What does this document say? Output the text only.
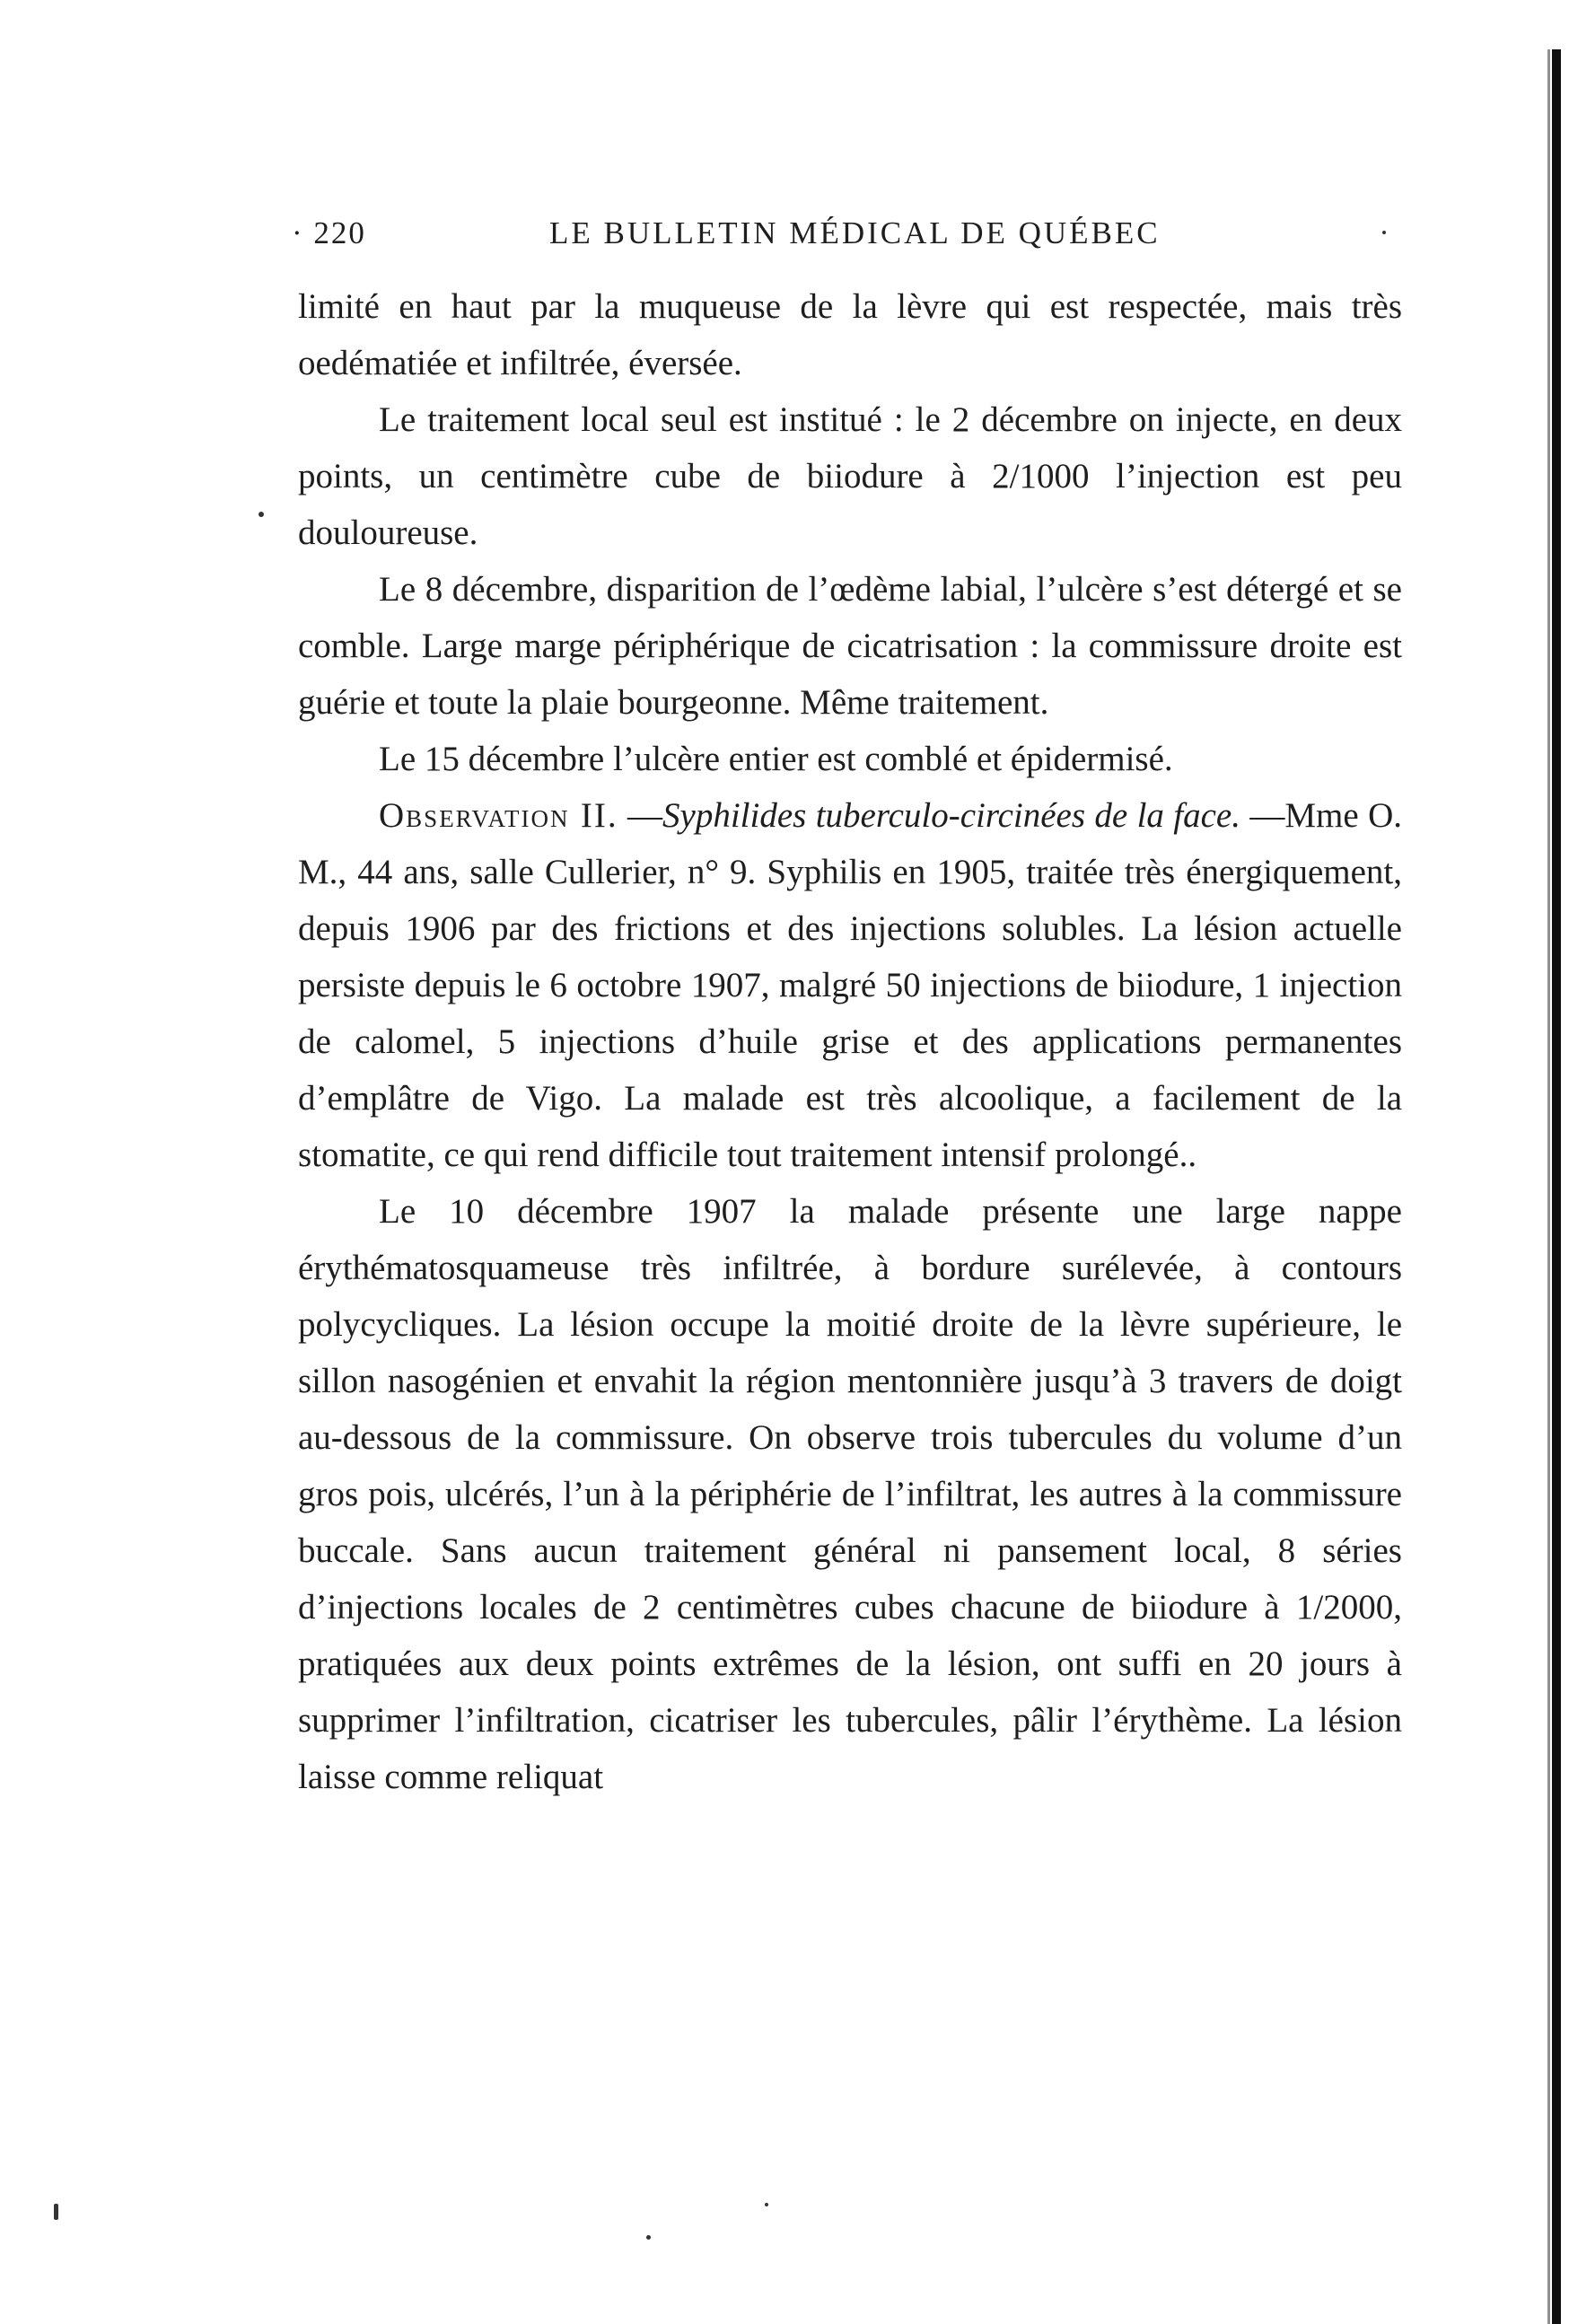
· 220	LE BULLETIN MÉDICAL DE QUÉBEC

limité en haut par la muqueuse de la lèvre qui est respectée, mais très oedématiée et infiltrée, éversée.

Le traitement local seul est institué : le 2 décembre on injecte, en deux points, un centimètre cube de biiodure à 2/1000 l’injection est peu douloureuse.

Le 8 décembre, disparition de l’œdème labial, l’ulcère s’est détergé et se comble. Large marge périphérique de cicatrisation : la commissure droite est guérie et toute la plaie bourgeonne. Même traitement.

Le 15 décembre l’ulcère entier est comblé et épidermisé.

Observation II. —Syphilides tuberculo-circinées de la face. —Mme O. M., 44 ans, salle Cullerier, n° 9. Syphilis en 1905, traitée très énergiquement, depuis 1906 par des frictions et des injections solubles. La lésion actuelle persiste depuis le 6 octobre 1907, malgré 50 injections de biiodure, 1 injection de calomel, 5 injections d’huile grise et des applications permanentes d’emplâtre de Vigo. La malade est très alcoolique, a facilement de la stomatite, ce qui rend difficile tout traitement intensif prolongé..

Le 10 décembre 1907 la malade présente une large nappe érythématosquameuse très infiltrée, à bordure surélevée, à contours polycycliques. La lésion occupe la moitié droite de la lèvre supérieure, le sillon nasogénien et envahit la région mentonnière jusqu’à 3 travers de doigt au-dessous de la commissure. On observe trois tubercules du volume d’un gros pois, ulcérés, l’un à la périphérie de l’infiltrat, les autres à la commissure buccale. Sans aucun traitement général ni pansement local, 8 séries d’injections locales de 2 centimètres cubes chacune de biiodure à 1/2000, pratiquées aux deux points extrêmes de la lésion, ont suffi en 20 jours à supprimer l’infiltration, cicatriser les tubercules, pâlir l’érythème. La lésion laisse comme reliquat
